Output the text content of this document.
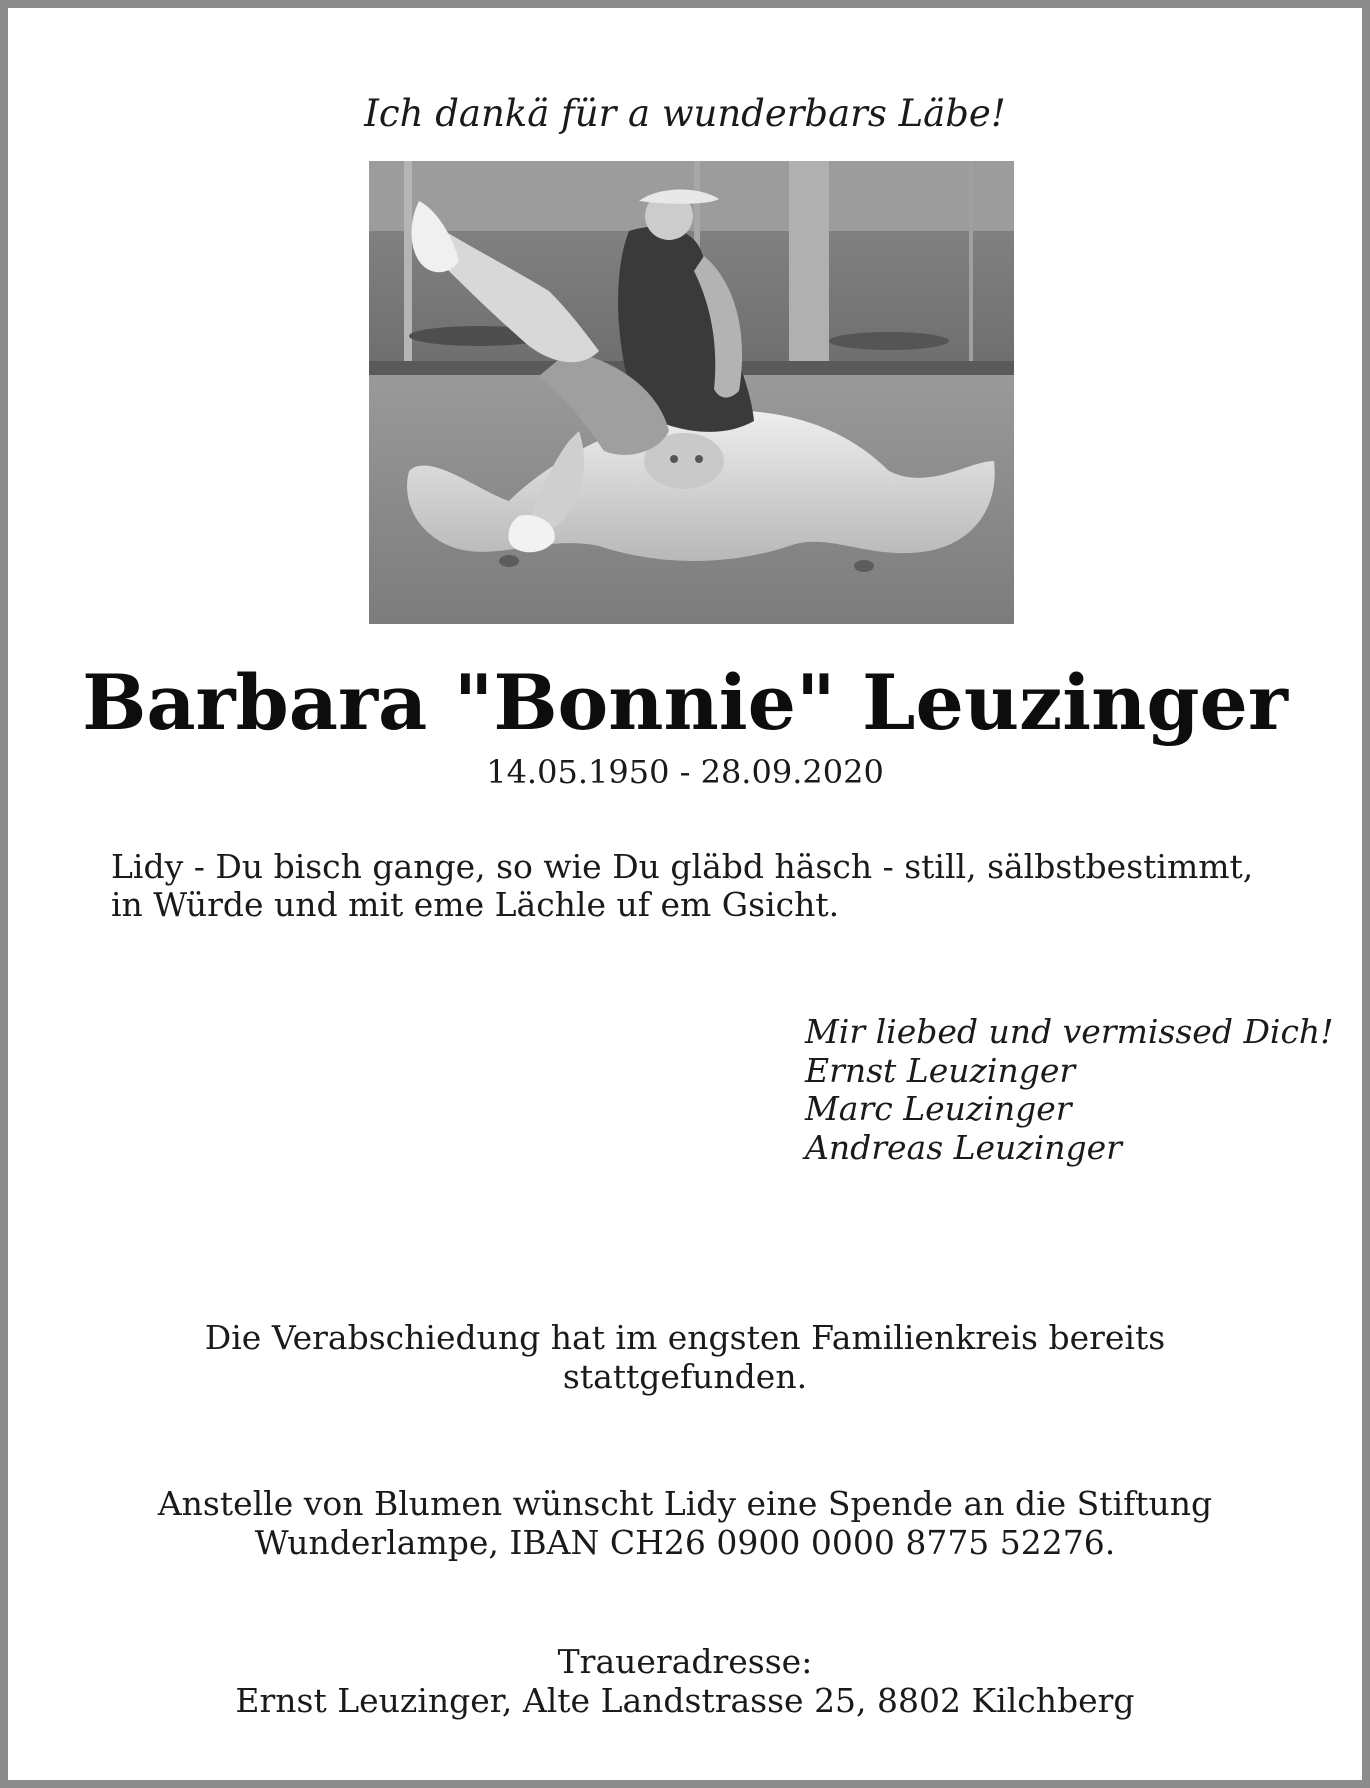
Ich dankä für a wunderbars Läbe!
Barbara "Bonnie" Leuzinger
14.05.1950 - 28.09.2020
Lidy - Du bisch gange, so wie Du gläbd häsch - still, sälbstbestimmt,
in Würde und mit eme Lächle uf em Gsicht.
Mir liebed und vermissed Dich!
Ernst Leuzinger
Marc Leuzinger
Andreas Leuzinger
Die Verabschiedung hat im engsten Familienkreis bereits
stattgefunden.
Anstelle von Blumen wünscht Lidy eine Spende an die Stiftung
Wunderlampe, IBAN CH26 0900 0000 8775 52276.
Traueradresse:
Ernst Leuzinger, Alte Landstrasse 25, 8802 Kilchberg
